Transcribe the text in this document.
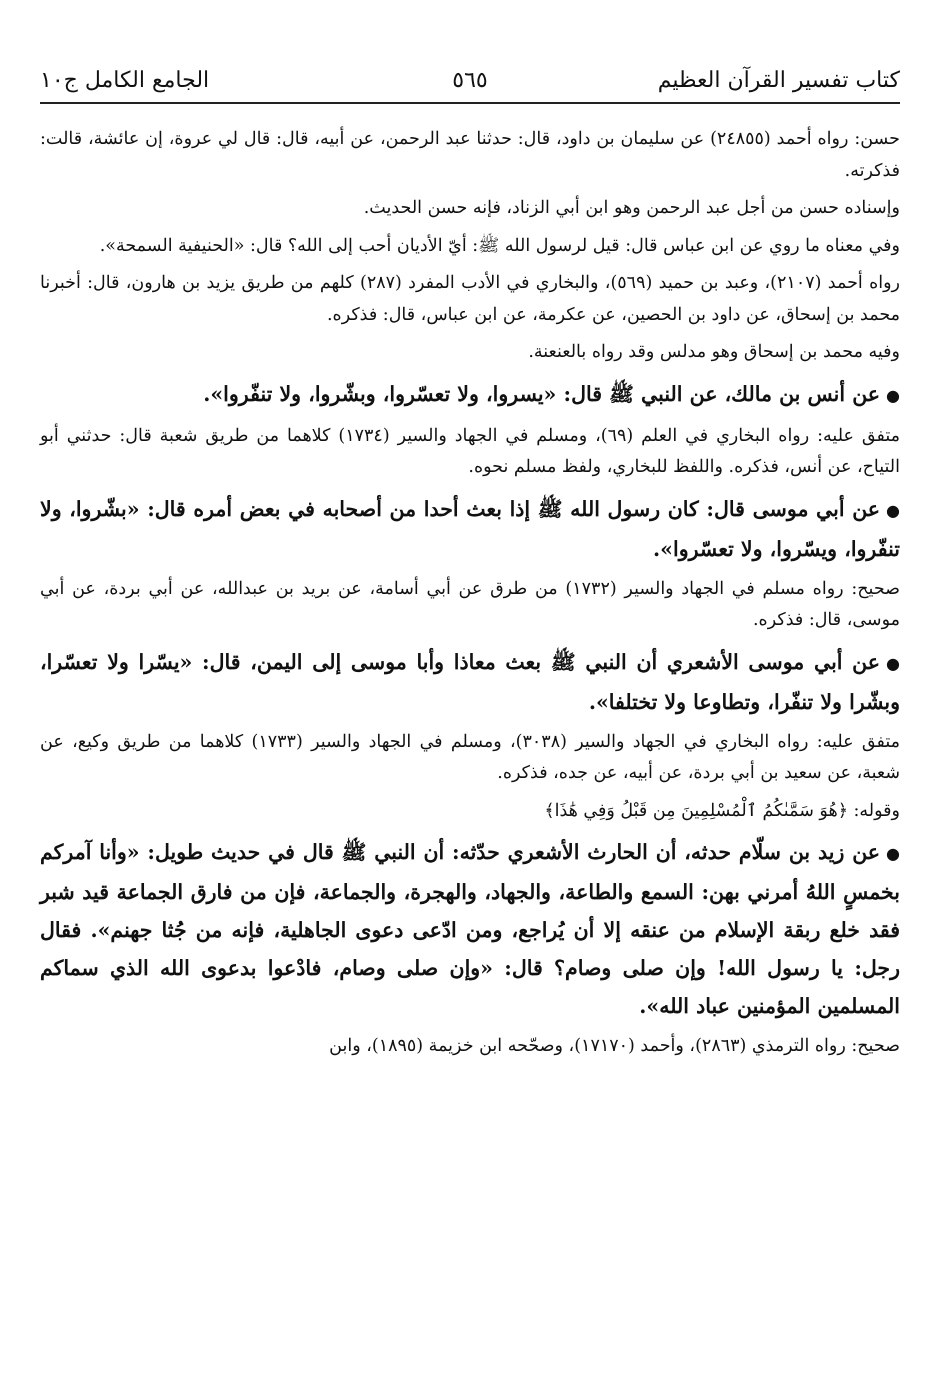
كتاب تفسير القرآن العظيم
٥٦٥
الجامع الكامل ج١٠

حسن: رواه أحمد (٢٤٨٥٥) عن سليمان بن داود، قال: حدثنا عبد الرحمن، عن أبيه، قال: قال لي عروة، إن عائشة، قالت: فذكرته.

وإسناده حسن من أجل عبد الرحمن وهو ابن أبي الزناد، فإنه حسن الحديث.

وفي معناه ما روي عن ابن عباس قال: قيل لرسول الله ﷺ: أيّ الأديان أحب إلى الله؟ قال: «الحنيفية السمحة».

رواه أحمد (٢١٠٧)، وعبد بن حميد (٥٦٩)، والبخاري في الأدب المفرد (٢٨٧) كلهم من طريق يزيد بن هارون، قال: أخبرنا محمد بن إسحاق، عن داود بن الحصين، عن عكرمة، عن ابن عباس، قال: فذكره.

وفيه محمد بن إسحاق وهو مدلس وقد رواه بالعنعنة.

●عن أنس بن مالك، عن النبي ﷺ قال: «يسروا، ولا تعسّروا، وبشّروا، ولا تنفّروا».

متفق عليه: رواه البخاري في العلم (٦٩)، ومسلم في الجهاد والسير (١٧٣٤) كلاهما من طريق شعبة قال: حدثني أبو التياح، عن أنس، فذكره. واللفظ للبخاري، ولفظ مسلم نحوه.

●عن أبي موسى قال: كان رسول الله ﷺ إذا بعث أحدا من أصحابه في بعض أمره قال: «بشّروا، ولا تنفّروا، ويسّروا، ولا تعسّروا».

صحيح: رواه مسلم في الجهاد والسير (١٧٣٢) من طرق عن أبي أسامة، عن بريد بن عبدالله، عن أبي بردة، عن أبي موسى، قال: فذكره.

●عن أبي موسى الأشعري أن النبي ﷺ بعث معاذا وأبا موسى إلى اليمن، قال: «يسّرا ولا تعسّرا، وبشّرا ولا تنفّرا، وتطاوعا ولا تختلفا».

متفق عليه: رواه البخاري في الجهاد والسير (٣٠٣٨)، ومسلم في الجهاد والسير (١٧٣٣) كلاهما من طريق وكيع، عن شعبة، عن سعيد بن أبي بردة، عن أبيه، عن جده، فذكره.

وقوله: ﴿هُوَ سَمَّىٰكُمُ ٱلْمُسْلِمِينَ مِن قَبْلُ وَفِي هَٰذَا﴾

●عن زيد بن سلّام حدثه، أن الحارث الأشعري حدّثه: أن النبي ﷺ قال في حديث طويل: «وأنا آمركم بخمسٍ اللهُ أمرني بهن: السمع والطاعة، والجهاد، والهجرة، والجماعة، فإن من فارق الجماعة قيد شبر فقد خلع ربقة الإسلام من عنقه إلا أن يُراجع، ومن ادّعى دعوى الجاهلية، فإنه من جُثا جهنم». فقال رجل: يا رسول الله! وإن صلى وصام؟ قال: «وإن صلى وصام، فادْعوا بدعوى الله الذي سماكم المسلمين المؤمنين عباد الله».

صحيح: رواه الترمذي (٢٨٦٣)، وأحمد (١٧١٧٠)، وصحّحه ابن خزيمة (١٨٩٥)، وابن
